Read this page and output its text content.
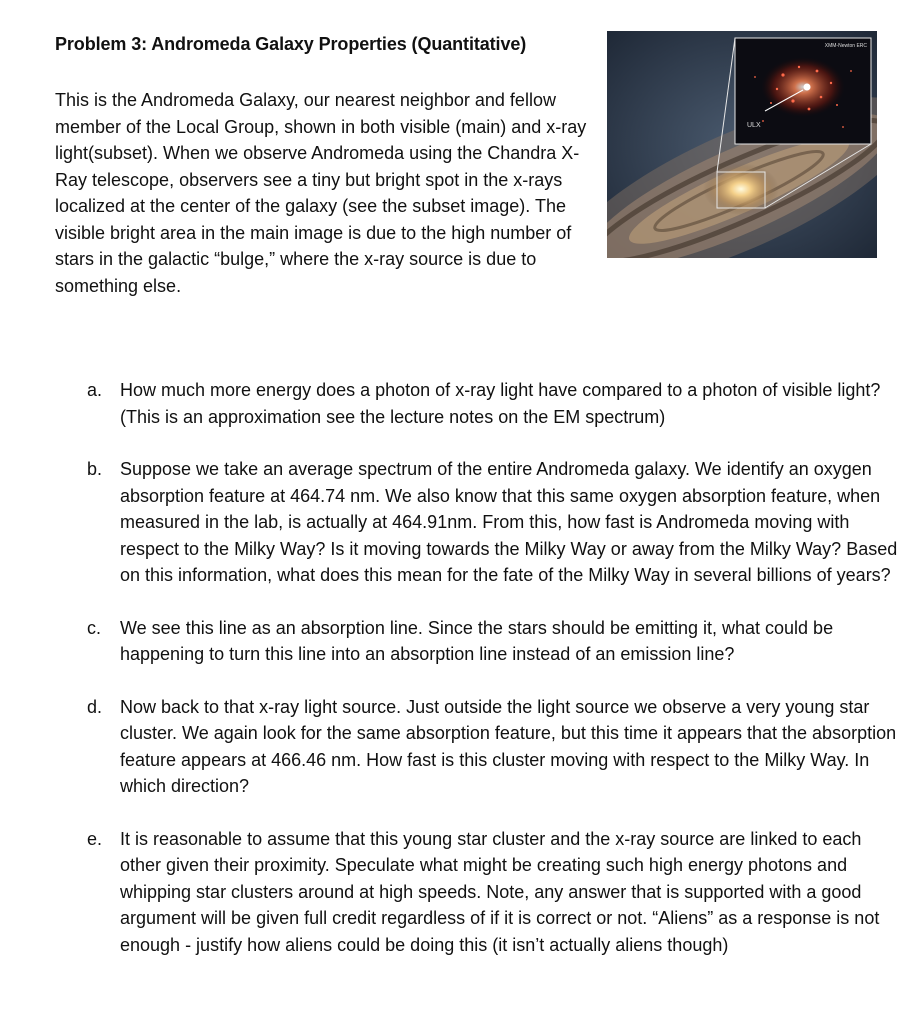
Problem 3: Andromeda Galaxy Properties (Quantitative)
This is the Andromeda Galaxy, our nearest neighbor and fellow member of the Local Group, shown in both visible (main) and x-ray light(subset). When we observe Andromeda using the Chandra X-Ray telescope, observers see a tiny but bright spot in the x-rays localized at the center of the galaxy (see the subset image). The visible bright area in the main image is due to the high number of stars in the galactic “bulge,” where the x-ray source is due to something else.
ULX
XMM-Newton ERC
a. How much more energy does a photon of x-ray light have compared to a photon of visible light? (This is an approximation see the lecture notes on the EM spectrum)
b. Suppose we take an average spectrum of the entire Andromeda galaxy. We identify an oxygen absorption feature at 464.74 nm. We also know that this same oxygen absorption feature, when measured in the lab, is actually at 464.91nm. From this, how fast is Andromeda moving with respect to the Milky Way? Is it moving towards the Milky Way or away from the Milky Way? Based on this information, what does this mean for the fate of the Milky Way in several billions of years?
c. We see this line as an absorption line. Since the stars should be emitting it, what could be happening to turn this line into an absorption line instead of an emission line?
d. Now back to that x-ray light source. Just outside the light source we observe a very young star cluster. We again look for the same absorption feature, but this time it appears that the absorption feature appears at 466.46 nm. How fast is this cluster moving with respect to the Milky Way. In which direction?
e. It is reasonable to assume that this young star cluster and the x-ray source are linked to each other given their proximity. Speculate what might be creating such high energy photons and whipping star clusters around at high speeds. Note, any answer that is supported with a good argument will be given full credit regardless of if it is correct or not. “Aliens” as a response is not enough - justify how aliens could be doing this (it isn’t actually aliens though)
